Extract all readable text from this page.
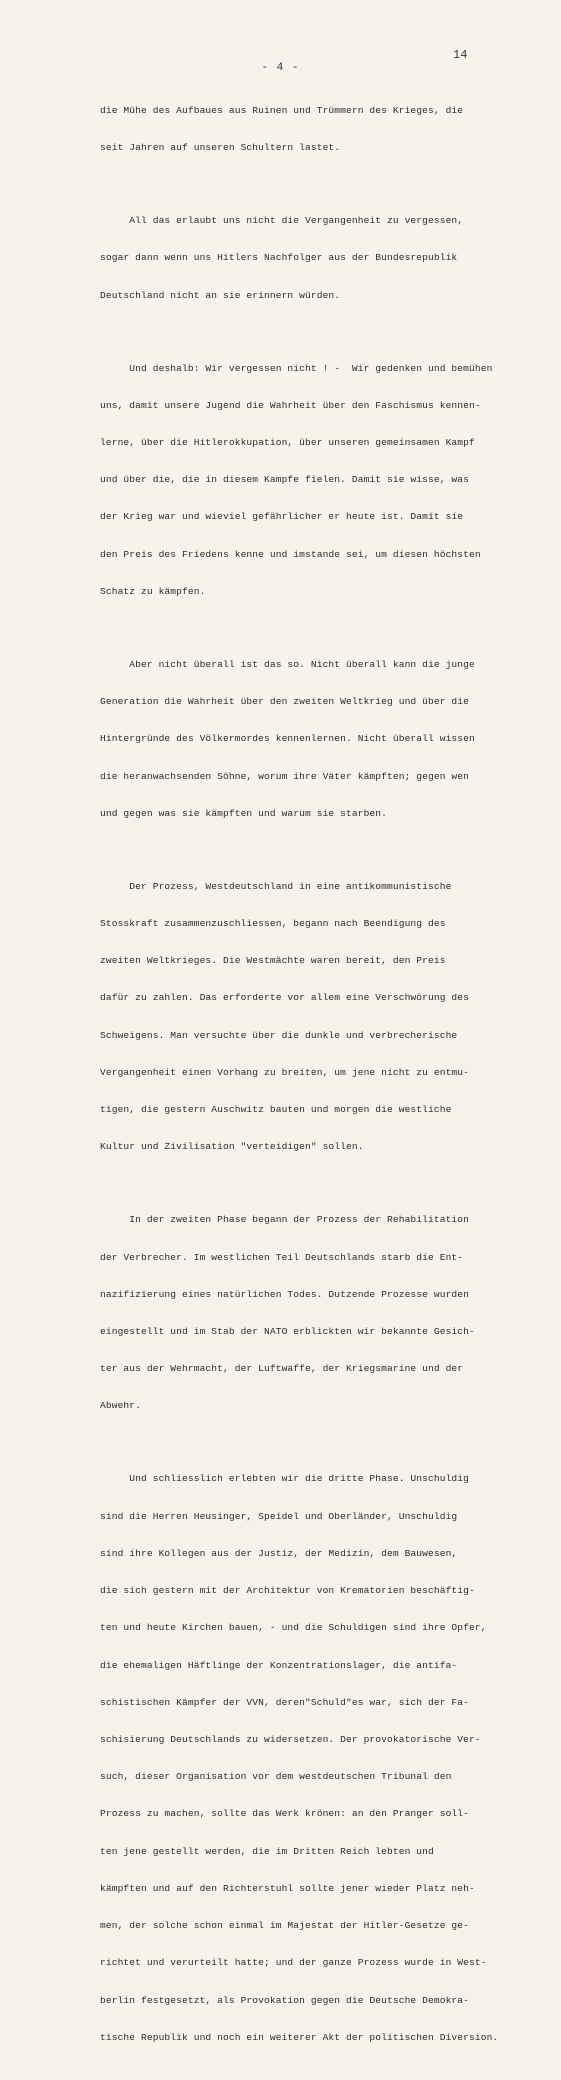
14
- 4 -

die Mühe des Aufbaues aus Ruinen und Trümmern des Krieges, die

seit Jahren auf unseren Schultern lastet.

All das erlaubt uns nicht die Vergangenheit zu vergessen,

sogar dann wenn uns Hitlers Nachfolger aus der Bundesrepublik

Deutschland nicht an sie erinnern würden.

Und deshalb: Wir vergessen nicht ! -  Wir gedenken und bemühen

uns, damit unsere Jugend die Wahrheit über den Faschismus kennen-

lerne, über die Hitlerokkupation, über unseren gemeinsamen Kampf

und über die, die in diesem Kampfe fielen. Damit sie wisse, was

der Krieg war und wieviel gefährlicher er heute ist. Damit sie

den Preis des Friedens kenne und imstande sei, um diesen höchsten

Schatz zu kämpfen.

Aber nicht überall ist das so. Nicht überall kann die junge

Generation die Wahrheit über den zweiten Weltkrieg und über die

Hintergründe des Völkermordes kennenlernen. Nicht überall wissen

die heranwachsenden Söhne, worum ihre Väter kämpften; gegen wen

und gegen was sie kämpften und warum sie starben.

Der Prozess, Westdeutschland in eine antikommunistische

Stosskraft zusammenzuschliessen, begann nach Beendigung des

zweiten Weltkrieges. Die Westmächte waren bereit, den Preis

dafür zu zahlen. Das erforderte vor allem eine Verschwörung des

Schweigens. Man versuchte über die dunkle und verbrecherische

Vergangenheit einen Vorhang zu breiten, um jene nicht zu entmu-

tigen, die gestern Auschwitz bauten und morgen die westliche

Kultur und Zivilisation "verteidigen" sollen.

In der zweiten Phase begann der Prozess der Rehabilitation

der Verbrecher. Im westlichen Teil Deutschlands starb die Ent-

nazifizierung eines natürlichen Todes. Dutzende Prozesse wurden

eingestellt und im Stab der NATO erblickten wir bekannte Gesich-

ter aus der Wehrmacht, der Luftwaffe, der Kriegsmarine und der

Abwehr.

Und schliesslich erlebten wir die dritte Phase. Unschuldig

sind die Herren Heusinger, Speidel und Oberländer, Unschuldig

sind ihre Kollegen aus der Justiz, der Medizin, dem Bauwesen,

die sich gestern mit der Architektur von Krematorien beschäftig-

ten und heute Kirchen bauen, - und die Schuldigen sind ihre Opfer,

die ehemaligen Häftlinge der Konzentrationslager, die antifa-

schistischen Kämpfer der VVN, deren"Schuld"es war, sich der Fa-

schisierung Deutschlands zu widersetzen. Der provokatorische Ver-

such, dieser Organisation vor dem westdeutschen Tribunal den

Prozess zu machen, sollte das Werk krönen: an den Pranger soll-

ten jene gestellt werden, die im Dritten Reich lebten und

kämpften und auf den Richterstuhl sollte jener wieder Platz neh-

men, der solche schon einmal im Majestat der Hitler-Gesetze ge-

richtet und verurteilt hatte; und der ganze Prozess wurde in West-

berlin festgesetzt, als Provokation gegen die Deutsche Demokra-

tische Republik und noch ein weiterer Akt der politischen Diversion.
